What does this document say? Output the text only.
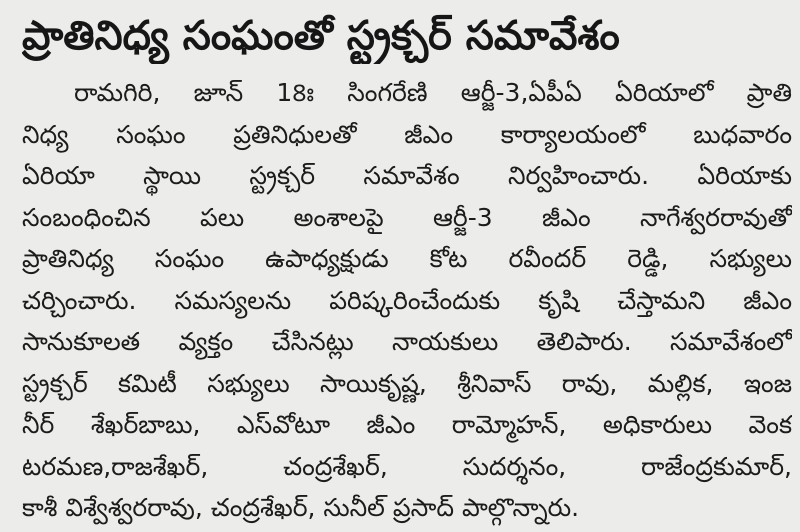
ప్రాతినిధ్య సంఘంతో స్ట్రక్చర్ సమావేశం
రామగిరి, జూన్ 18ః సింగరేణి ఆర్జీ-3,ఏపీఏ ఏరియాలో ప్రాతి
నిధ్య సంఘం ప్రతినిధులతో జీఎం కార్యాలయంలో బుధవారం
ఏరియా స్థాయి స్ట్రక్చర్ సమావేశం నిర్వహించారు. ఏరియాకు
సంబంధించిన పలు అంశాలపై ఆర్జీ-3 జీఎం నాగేశ్వరరావుతో
ప్రాతినిధ్య సంఘం ఉపాధ్యక్షుడు కోట రవీందర్ రెడ్డి, సభ్యులు
చర్చించారు. సమస్యలను పరిష్కరించేందుకు కృషి చేస్తామని జీఎం
సానుకూలత వ్యక్తం చేసినట్లు నాయకులు తెలిపారు. సమావేశంలో
స్ట్రక్చర్ కమిటీ సభ్యులు సాయికృష్ణ, శ్రీనివాస్ రావు, మల్లిక, ఇంజ
నీర్ శేఖర్‌బాబు, ఎస్‌వోటూ జీఎం రామ్మోహన్, అధికారులు వెంక
టరమణ,రాజశేఖర్, చంద్రశేఖర్, సుదర్శనం, రాజేంద్రకుమార్,
కాశీ విశ్వేశ్వరరావు, చంద్రశేఖర్, సునీల్ ప్రసాద్ పాల్గొన్నారు.
